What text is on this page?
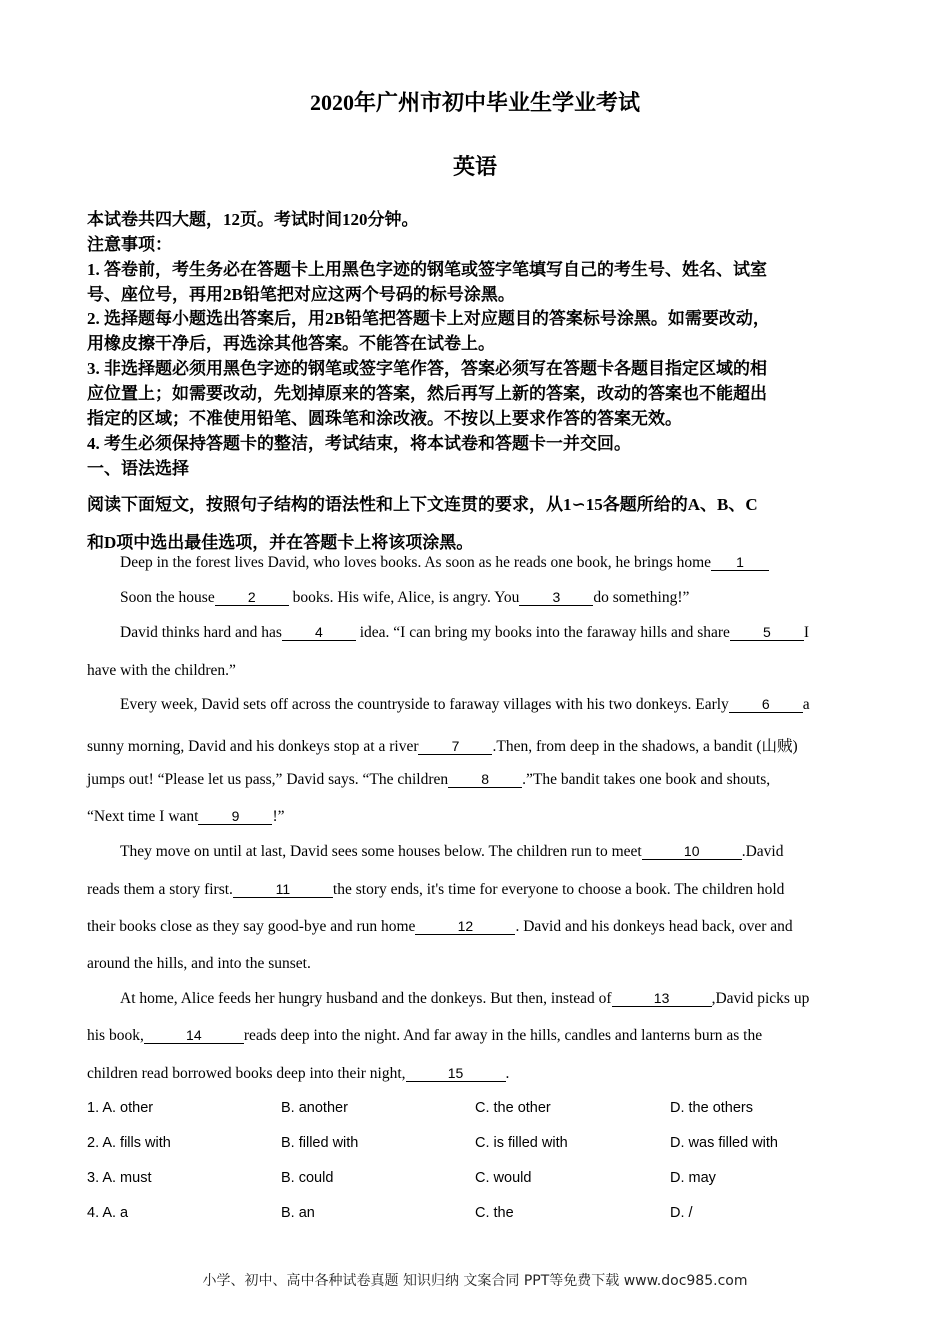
2020年广州市初中毕业生学业考试
英语
本试卷共四大题，12页。考试时间120分钟。
注意事项：
1. 答卷前，考生务必在答题卡上用黑色字迹的钢笔或签字笔填写自己的考生号、姓名、试室
号、座位号，再用2B铅笔把对应这两个号码的标号涂黑。
2. 选择题每小题选出答案后，用2B铅笔把答题卡上对应题目的答案标号涂黑。如需要改动，
用橡皮擦干净后，再选涂其他答案。不能答在试卷上。
3. 非选择题必须用黑色字迹的钢笔或签字笔作答，答案必须写在答题卡各题目指定区域的相
应位置上；如需要改动，先划掉原来的答案，然后再写上新的答案，改动的答案也不能超出
指定的区域；不准使用铅笔、圆珠笔和涂改液。不按以上要求作答的答案无效。
4. 考生必须保持答题卡的整洁，考试结束，将本试卷和答题卡一并交回。
一、语法选择
阅读下面短文，按照句子结构的语法性和上下文连贯的要求，从1∽15各题所给的A、B、C
和D项中选出最佳选项，并在答题卡上将该项涂黑。
Deep in the forest lives David, who loves books. As soon as he reads one book, he brings home 1
Soon the house 2 books. His wife, Alice, is angry. You 3 do something!”
David thinks hard and has 4 idea. “I can bring my books into the faraway hills and share 5 I
have with the children.”
Every week, David sets off across the countryside to faraway villages with his two donkeys. Early 6 a
sunny morning, David and his donkeys stop at a river 7 .Then, from deep in the shadows, a bandit (山贼)
jumps out! “Please let us pass,” David says. “The children 8 .”The bandit takes one book and shouts,
“Next time I want 9 !”
They move on until at last, David sees some houses below. The children run to meet	10	.David
reads them a story first.	11	the story ends, it's time for everyone to choose a book. The children hold
their books close as they say good-bye and run home	12	. David and his donkeys head back, over and
around the hills, and into the sunset.
At home, Alice feeds her hungry husband and the donkeys. But then, instead of	13	,David picks up
his book,	14	reads deep into the night. And far away in the hills, candles and lanterns burn as the
children read borrowed books deep into their night,	15	.
1. A. other	B. another	C. the other	D. the others
2. A. fills with	B. filled with	C. is filled with	D. was filled with
3. A. must	B. could	C. would	D. may
4. A. a	B. an	C. the	D. /
小学、初中、高中各种试卷真题 知识归纳 文案合同 PPT等免费下载 www.doc985.com
